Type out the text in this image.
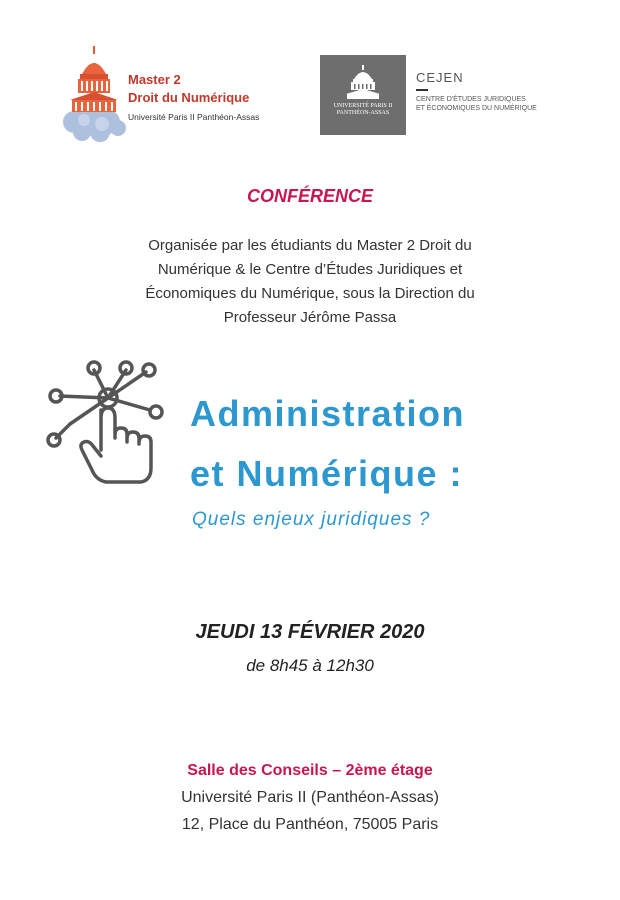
Master 2
Droit du Numérique
Université Paris II Panthéon-Assas
UNIVERSITÉ PARIS II
PANTHÉON-ASSAS
CEJEN
CENTRE D'ÉTUDES JURIDIQUES
ET ÉCONOMIQUES DU NUMÉRIQUE
CONFÉRENCE
Organisée par les étudiants du Master 2 Droit du
Numérique & le Centre d’Études Juridiques et
Économiques du Numérique, sous la Direction du
Professeur Jérôme Passa
Administration
et Numérique :
Quels enjeux juridiques ?
JEUDI 13 FÉVRIER 2020
de 8h45 à 12h30
Salle des Conseils – 2ème étage
Université Paris II (Panthéon-Assas)
12, Place du Panthéon, 75005 Paris
